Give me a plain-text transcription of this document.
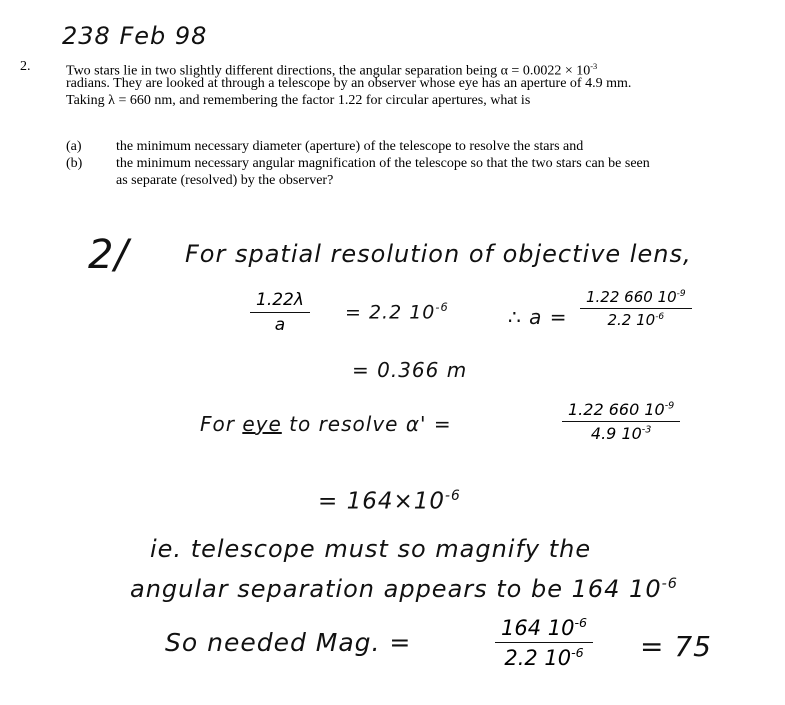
238 Feb 98
2.	Two stars lie in two slightly different directions, the angular separation being $\alpha = 0.0022 \times 10^{-3}$
radians. They are looked at through a telescope by an observer whose eye has an aperture of 4.9 mm.
Taking λ = 660 nm, and remembering the factor 1.22 for circular apertures, what is
(a) the minimum necessary diameter (aperture) of the telescope to resolve the stars and
(b) the minimum necessary angular magnification of the telescope so that the two stars can be seen
as separate (resolved) by the observer?
2/ For spatial resolution of objective lens,
$\frac{1.22\lambda}{a} = 2.2$ $10^{-6}$	∴ $a = \frac{1.22 660 10^{-9}}{2.2 10^{-6}}$
= 0.366 m
For eye to resolve α' =	$\frac{1.22 660 10^{-9}}{4.9 10^{-3}}$
= $164\times 10^{-6}$
ie. telescope must so magnify the
angular separation appears to be 164 $10^{-6}$
So needed Mag. =	$\frac{164 10^{-6}}{2.2 10^{-6}} = 75$
